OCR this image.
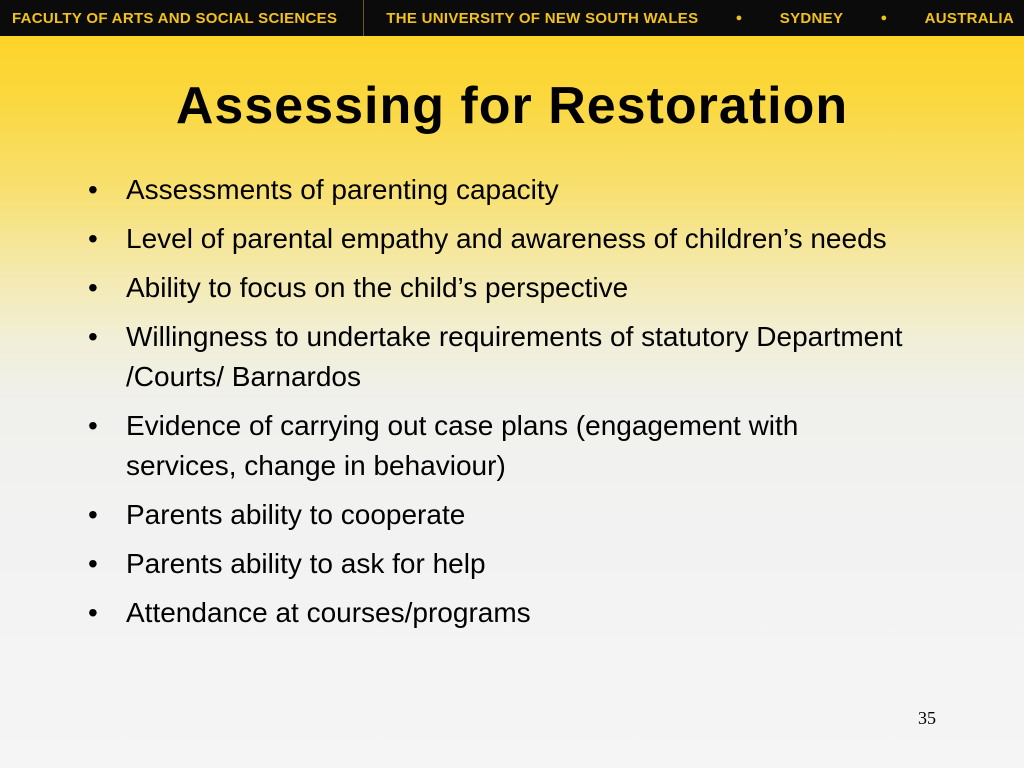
FACULTY OF ARTS AND SOCIAL SCIENCES	THE UNIVERSITY OF NEW SOUTH WALES	● SYDNEY	● AUSTRALIA
Assessing for Restoration
•	Assessments of parenting capacity
•	Level of parental empathy and awareness of children’s needs
•	Ability to focus on the child’s perspective
•	Willingness to undertake requirements of statutory Department /Courts/ Barnardos
•	Evidence of carrying out case plans (engagement with services, change in behaviour)
•	Parents ability to cooperate
•	Parents ability to ask for help
•	Attendance at courses/programs
35
